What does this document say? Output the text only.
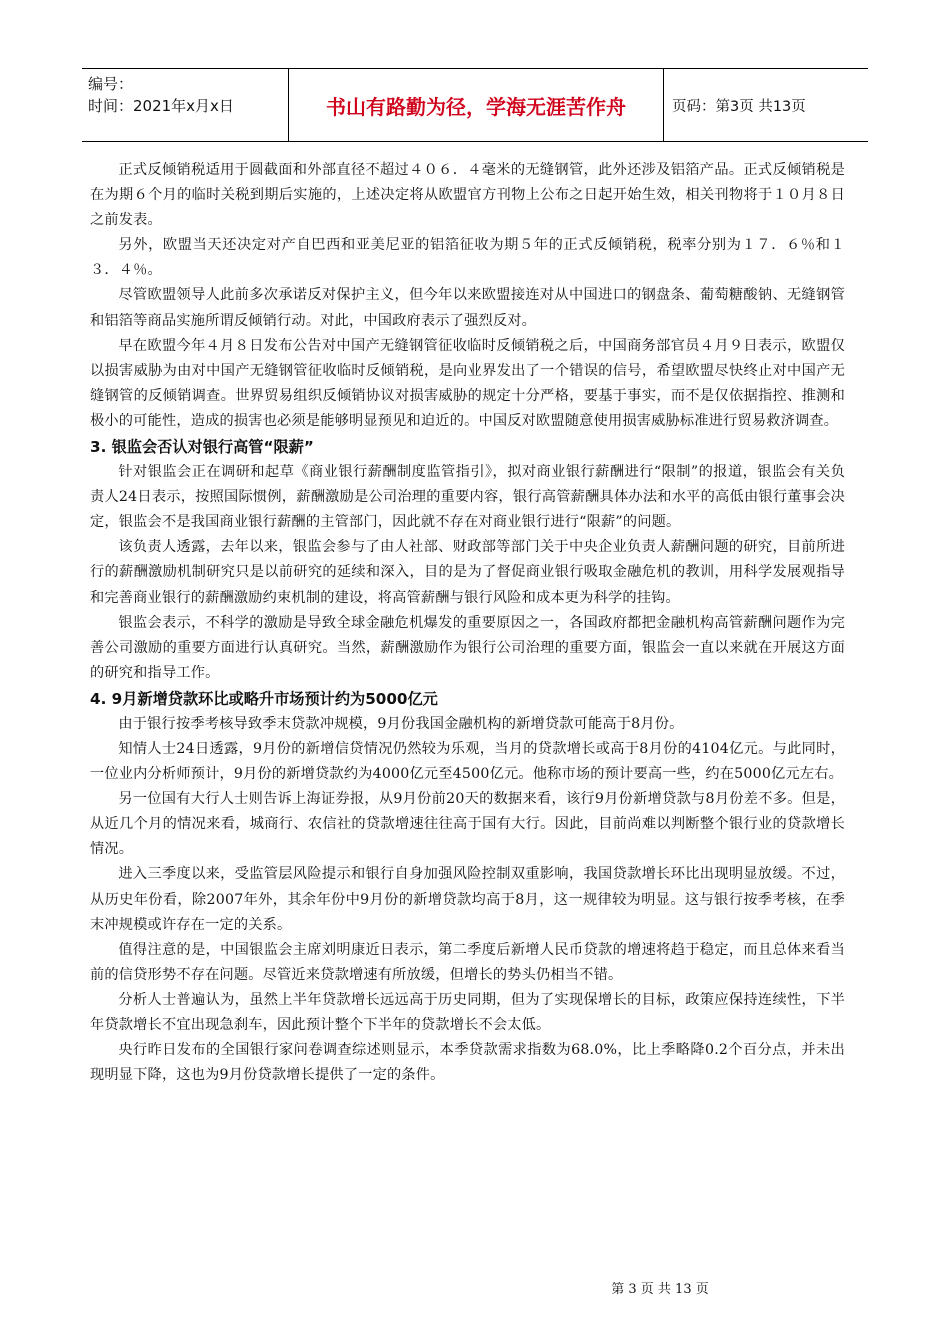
编号：
时间：2021年x月x日	书山有路勤为径，学海无涯苦作舟	页码：第3页 共13页

正式反倾销税适用于圆截面和外部直径不超过４０６．４毫米的无缝钢管，此外还涉及铝箔产品。正式反倾销税是在为期６个月的临时关税到期后实施的，上述决定将从欧盟官方刊物上公布之日起开始生效，相关刊物将于１０月８日之前发表。

另外，欧盟当天还决定对产自巴西和亚美尼亚的铝箔征收为期５年的正式反倾销税，税率分别为１７．６％和１３．４％。

尽管欧盟领导人此前多次承诺反对保护主义，但今年以来欧盟接连对从中国进口的钢盘条、葡萄糖酸钠、无缝钢管和铝箔等商品实施所谓反倾销行动。对此，中国政府表示了强烈反对。

早在欧盟今年４月８日发布公告对中国产无缝钢管征收临时反倾销税之后，中国商务部官员４月９日表示，欧盟仅以损害威胁为由对中国产无缝钢管征收临时反倾销税，是向业界发出了一个错误的信号，希望欧盟尽快终止对中国产无缝钢管的反倾销调查。世界贸易组织反倾销协议对损害威胁的规定十分严格，要基于事实，而不是仅依据指控、推测和极小的可能性，造成的损害也必须是能够明显预见和迫近的。中国反对欧盟随意使用损害威胁标准进行贸易救济调查。

3. 银监会否认对银行高管“限薪”

针对银监会正在调研和起草《商业银行薪酬制度监管指引》，拟对商业银行薪酬进行“限制”的报道，银监会有关负责人24日表示，按照国际惯例，薪酬激励是公司治理的重要内容，银行高管薪酬具体办法和水平的高低由银行董事会决定，银监会不是我国商业银行薪酬的主管部门，因此就不存在对商业银行进行“限薪”的问题。

该负责人透露，去年以来，银监会参与了由人社部、财政部等部门关于中央企业负责人薪酬问题的研究，目前所进行的薪酬激励机制研究只是以前研究的延续和深入，目的是为了督促商业银行吸取金融危机的教训，用科学发展观指导和完善商业银行的薪酬激励约束机制的建设，将高管薪酬与银行风险和成本更为科学的挂钩。

银监会表示，不科学的激励是导致全球金融危机爆发的重要原因之一，各国政府都把金融机构高管薪酬问题作为完善公司激励的重要方面进行认真研究。当然，薪酬激励作为银行公司治理的重要方面，银监会一直以来就在开展这方面的研究和指导工作。

4. 9月新增贷款环比或略升市场预计约为5000亿元

由于银行按季考核导致季末贷款冲规模，9月份我国金融机构的新增贷款可能高于8月份。

知情人士24日透露，9月份的新增信贷情况仍然较为乐观，当月的贷款增长或高于8月份的4104亿元。与此同时，一位业内分析师预计，9月份的新增贷款约为4000亿元至4500亿元。他称市场的预计要高一些，约在5000亿元左右。

另一位国有大行人士则告诉上海证券报，从9月份前20天的数据来看，该行9月份新增贷款与8月份差不多。但是，从近几个月的情况来看，城商行、农信社的贷款增速往往高于国有大行。因此，目前尚难以判断整个银行业的贷款增长情况。

进入三季度以来，受监管层风险提示和银行自身加强风险控制双重影响，我国贷款增长环比出现明显放缓。不过，从历史年份看，除2007年外，其余年份中9月份的新增贷款均高于8月，这一规律较为明显。这与银行按季考核，在季末冲规模或许存在一定的关系。

值得注意的是，中国银监会主席刘明康近日表示，第二季度后新增人民币贷款的增速将趋于稳定，而且总体来看当前的信贷形势不存在问题。尽管近来贷款增速有所放缓，但增长的势头仍相当不错。

分析人士普遍认为，虽然上半年贷款增长远远高于历史同期，但为了实现保增长的目标，政策应保持连续性，下半年贷款增长不宜出现急刹车，因此预计整个下半年的贷款增长不会太低。

央行昨日发布的全国银行家问卷调查综述则显示，本季贷款需求指数为68.0%，比上季略降0.2个百分点，并未出现明显下降，这也为9月份贷款增长提供了一定的条件。

第 3 页 共 13 页
